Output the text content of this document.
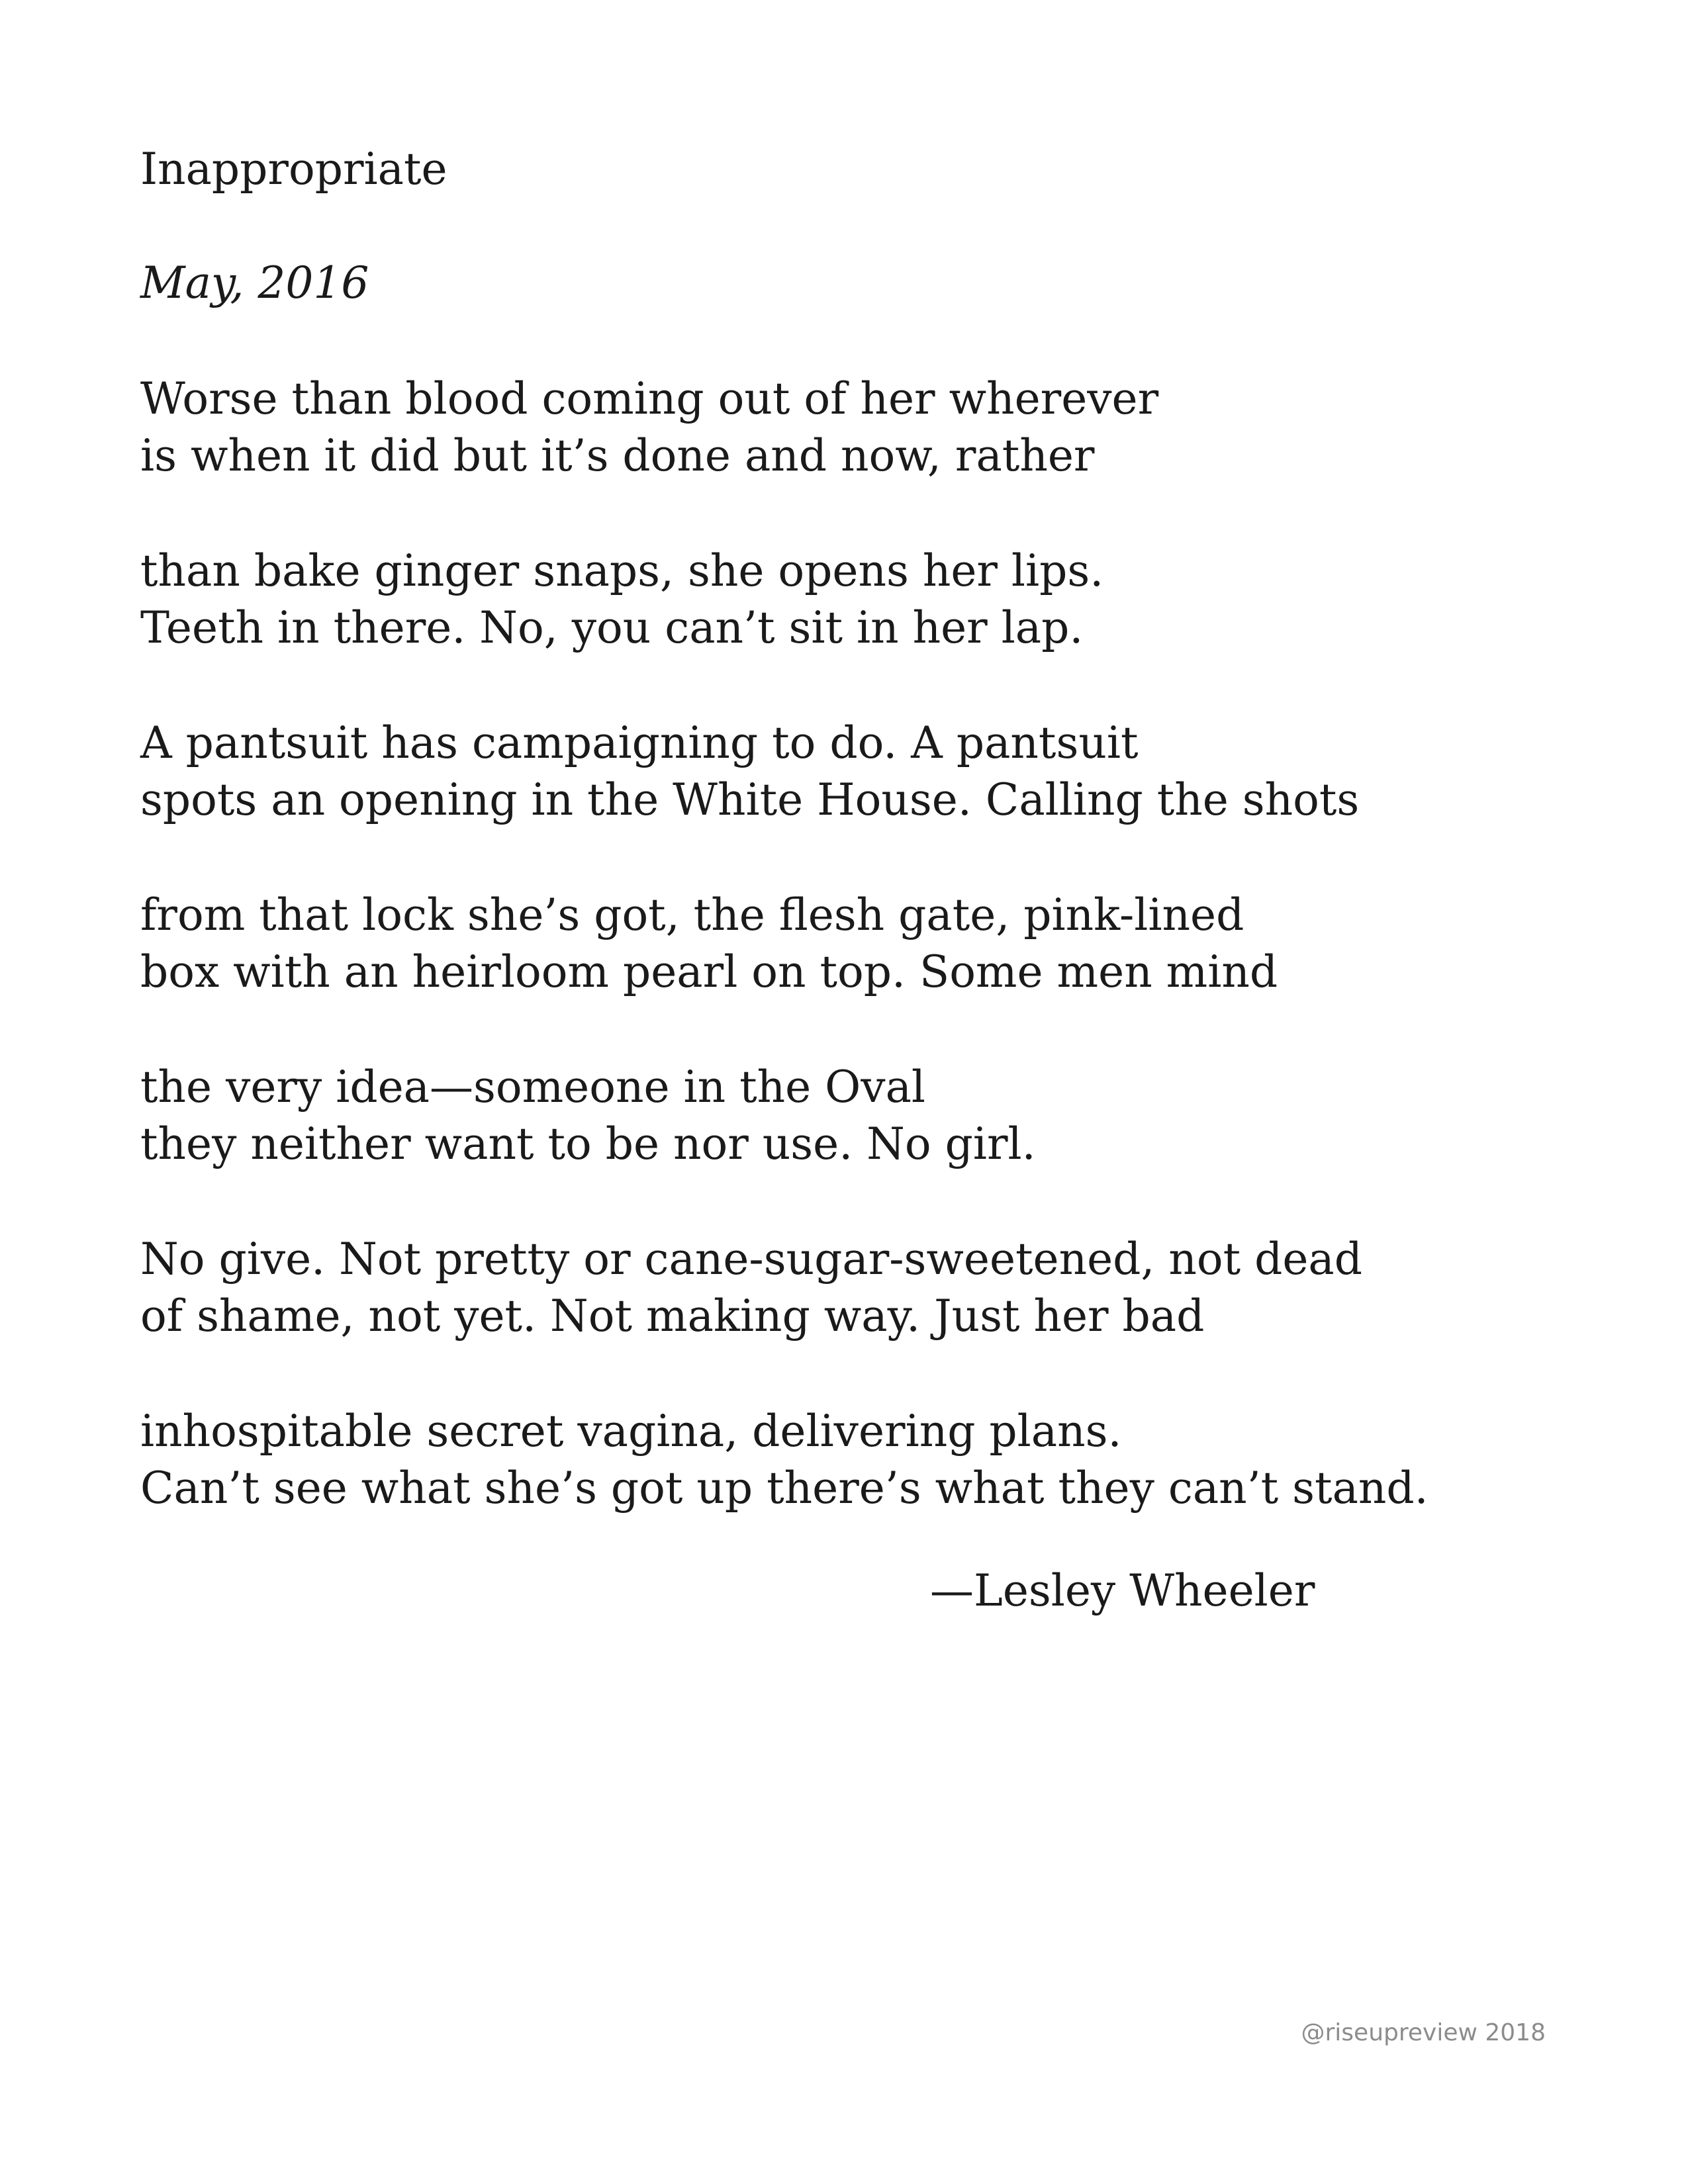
Inappropriate
May, 2016
Worse than blood coming out of her wherever
is when it did but it’s done and now, rather
than bake ginger snaps, she opens her lips.
Teeth in there. No, you can’t sit in her lap.
A pantsuit has campaigning to do. A pantsuit
spots an opening in the White House. Calling the shots
from that lock she’s got, the flesh gate, pink-lined
box with an heirloom pearl on top. Some men mind
the very idea—someone in the Oval
they neither want to be nor use. No girl.
No give. Not pretty or cane-sugar-sweetened, not dead
of shame, not yet. Not making way. Just her bad
inhospitable secret vagina, delivering plans.
Can’t see what she’s got up there’s what they can’t stand.
—Lesley Wheeler
@riseupreview 2018
